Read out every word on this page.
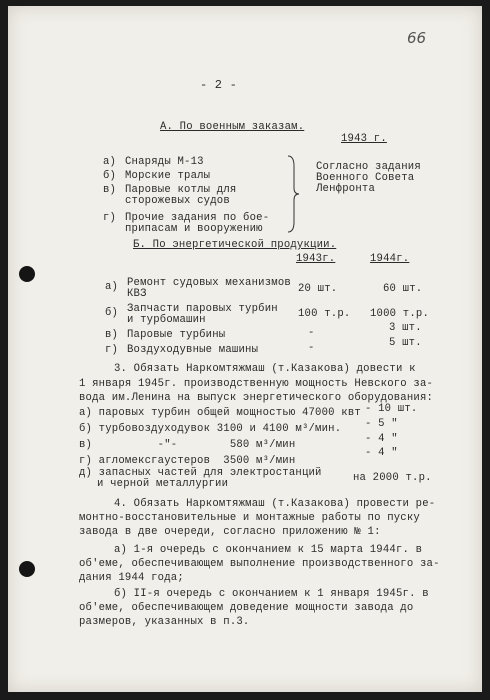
66
- 2 -
А. По военным заказам.
1943 г.
а) Снаряды М-13
б) Морские тралы
в) Паровые котлы для
сторожевых судов
г) Прочие задания по бое-
припасам и вооружению
Согласно задания
Военного Совета
Ленфронта
Б. По энергетической продукции.
1943г.	1944г.
а) Ремонт судовых механизмов
КВЗ	20 шт.	60 шт.
б) Запчасти паровых турбин
и турбомашин	100 т.р. 1000 т.р.
в) Паровые турбины	-	3 шт.
г) Воздуходувные машины	-	5 шт.
3. Обязать Наркомтяжмаш (т.Казакова) довести к
1 января 1945г. производственную мощность Невского за-
вода им.Ленина на выпуск энергетического оборудования:
а) паровых турбин общей мощностью 47000 квт - 10 шт.
б) турбовоздуходувок 3100 и 4100 м³/мин. - 5 "
в)          -"-        580 м³/мин	- 4 "
г) агломексгаустеров  3500 м³/мин
- 4 "
д) запасных частей для электростанций
и черной металлургии	на 2000 т.р.
4. Обязать Наркомтяжмаш (т.Казакова) провести ре-
монтно-восстановительные и монтажные работы по пуску
завода в две очереди, согласно приложению № 1:
а) 1-я очередь с окончанием к 15 марта 1944г. в
об'еме, обеспечивающем выполнение производственного за-
дания 1944 года;
б) II-я очередь с окончанием к 1 января 1945г. в
об'еме, обеспечивающем доведение мощности завода до
размеров, указанных в п.3.
